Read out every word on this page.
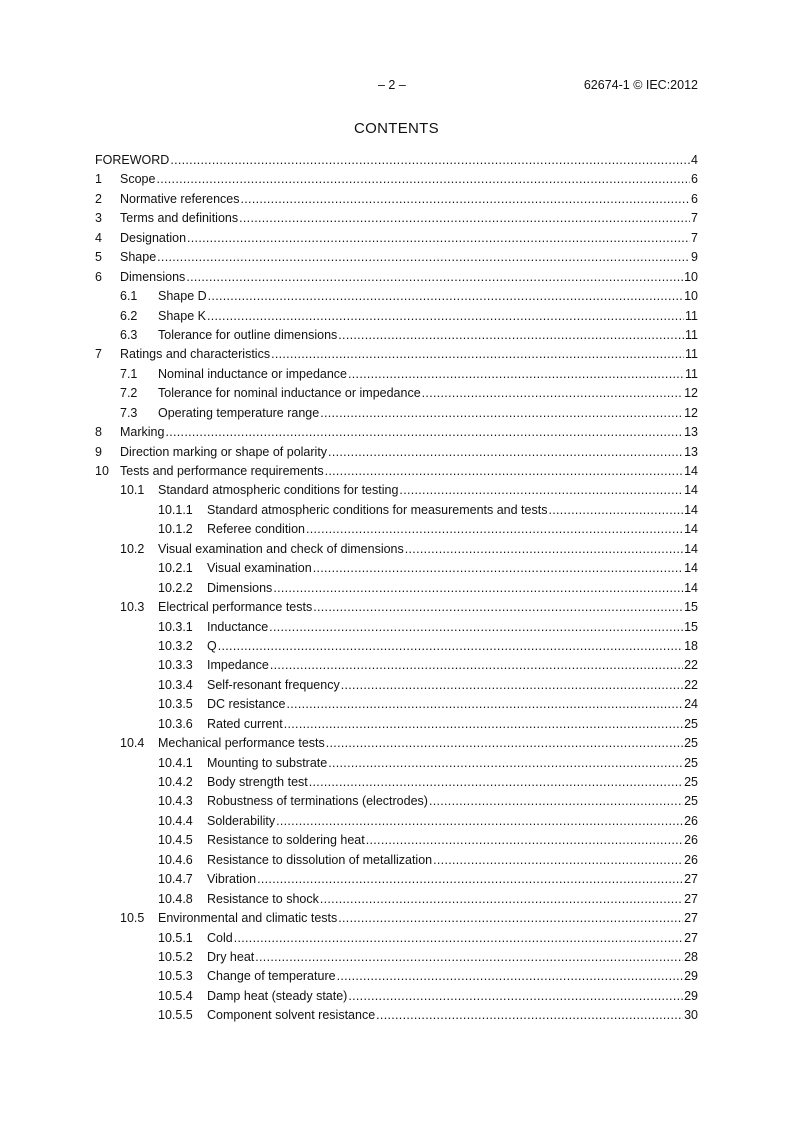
– 2 –	62674-1 © IEC:2012
CONTENTS
FOREWORD .....	4
1	Scope .....	6
2	Normative references .....	6
3	Terms and definitions .....	7
4	Designation .....	7
5	Shape .....	9
6	Dimensions .....	10
6.1	Shape D .....	10
6.2	Shape K .....	11
6.3	Tolerance for outline dimensions .....	11
7	Ratings and characteristics .....	11
7.1	Nominal inductance or impedance .....	11
7.2	Tolerance for nominal inductance or impedance .....	12
7.3	Operating temperature range .....	12
8	Marking .....	13
9	Direction marking or shape of polarity .....	13
10 Tests and performance requirements .....	14
10.1	Standard atmospheric conditions for testing .....	14
10.1.1	Standard atmospheric conditions for measurements and tests .....	14
10.1.2	Referee condition .....	14
10.2	Visual examination and check of dimensions .....	14
10.2.1	Visual examination .....	14
10.2.2	Dimensions .....	14
10.3	Electrical performance tests .....	15
10.3.1	Inductance .....	15
10.3.2	Q .....	18
10.3.3	Impedance .....	22
10.3.4	Self-resonant frequency .....	22
10.3.5	DC resistance .....	24
10.3.6	Rated current .....	25
10.4	Mechanical performance tests .....	25
10.4.1	Mounting to substrate .....	25
10.4.2	Body strength test .....	25
10.4.3	Robustness of terminations (electrodes) .....	25
10.4.4	Solderability .....	26
10.4.5	Resistance to soldering heat .....	26
10.4.6	Resistance to dissolution of metallization .....	26
10.4.7	Vibration .....	27
10.4.8	Resistance to shock .....	27
10.5	Environmental and climatic tests .....	27
10.5.1	Cold .....	27
10.5.2	Dry heat .....	28
10.5.3	Change of temperature .....	29
10.5.4	Damp heat (steady state) .....	29
10.5.5	Component solvent resistance .....	30
